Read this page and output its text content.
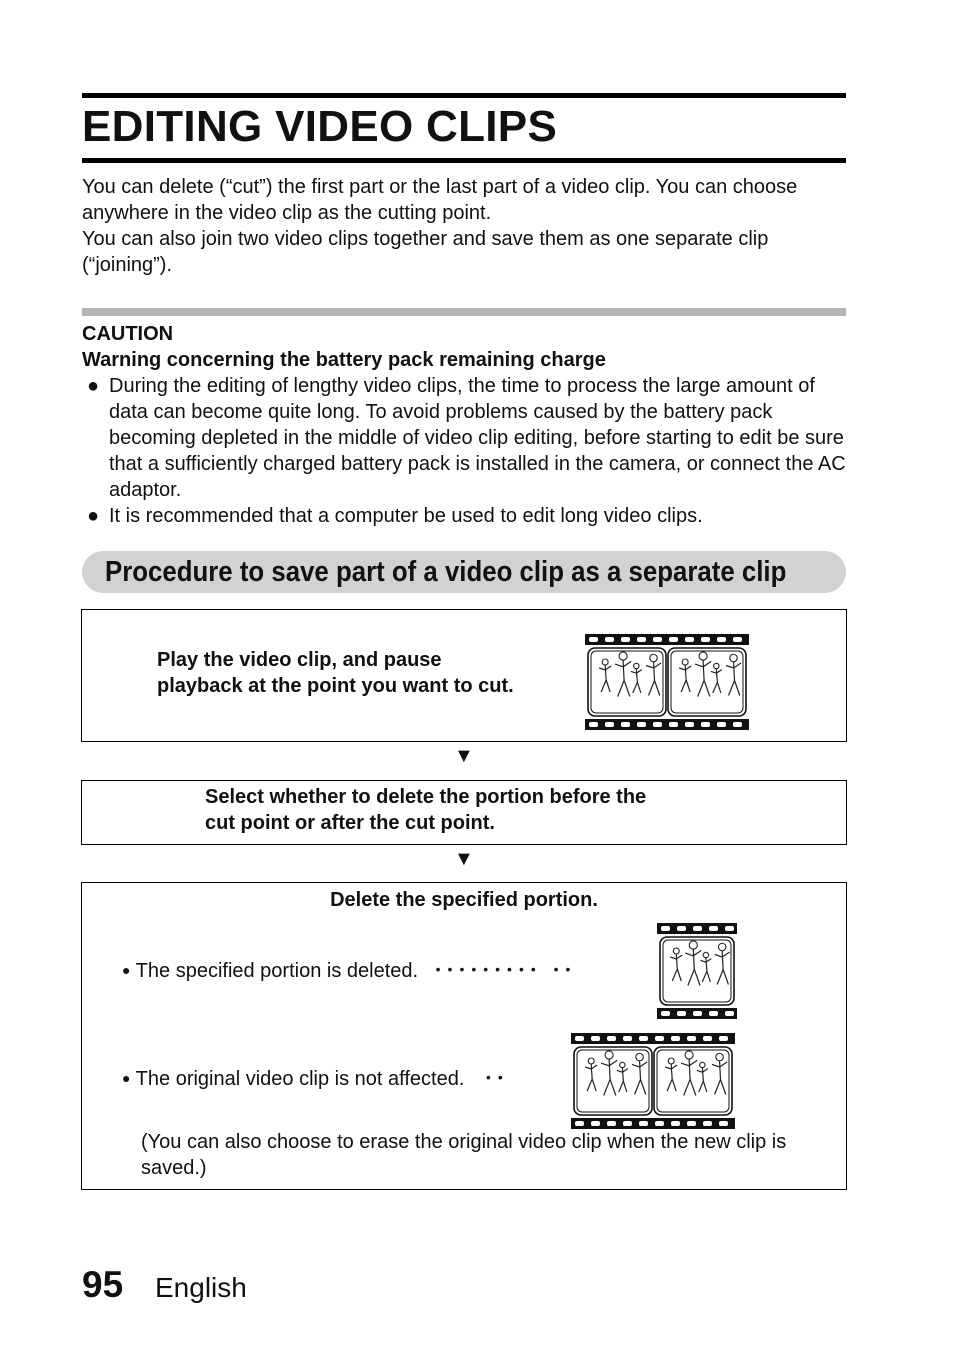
EDITING VIDEO CLIPS

You can delete (“cut”) the first part or the last part of a video clip. You can choose anywhere in the video clip as the cutting point.

You can also join two video clips together and save them as one separate clip (“joining”).

CAUTION

Warning concerning the battery pack remaining charge

● During the editing of lengthy video clips, the time to process the large amount of data can become quite long. To avoid problems caused by the battery pack becoming depleted in the middle of video clip editing, before starting to edit be sure that a sufficiently charged battery pack is installed in the camera, or connect the AC adaptor.
● It is recommended that a computer be used to edit long video clips.
Procedure to save part of a video clip as a separate clip
Play the video clip, and pause
playback at the point you want to cut.
▼
Select whether to delete the portion before the
cut point or after the cut point.
▼
Delete the specified portion.
● The specified portion is deleted. ••••••••• ••
● The original video clip is not affected. ••
(You can also choose to erase the original video clip when the new clip is saved.)
95 English
